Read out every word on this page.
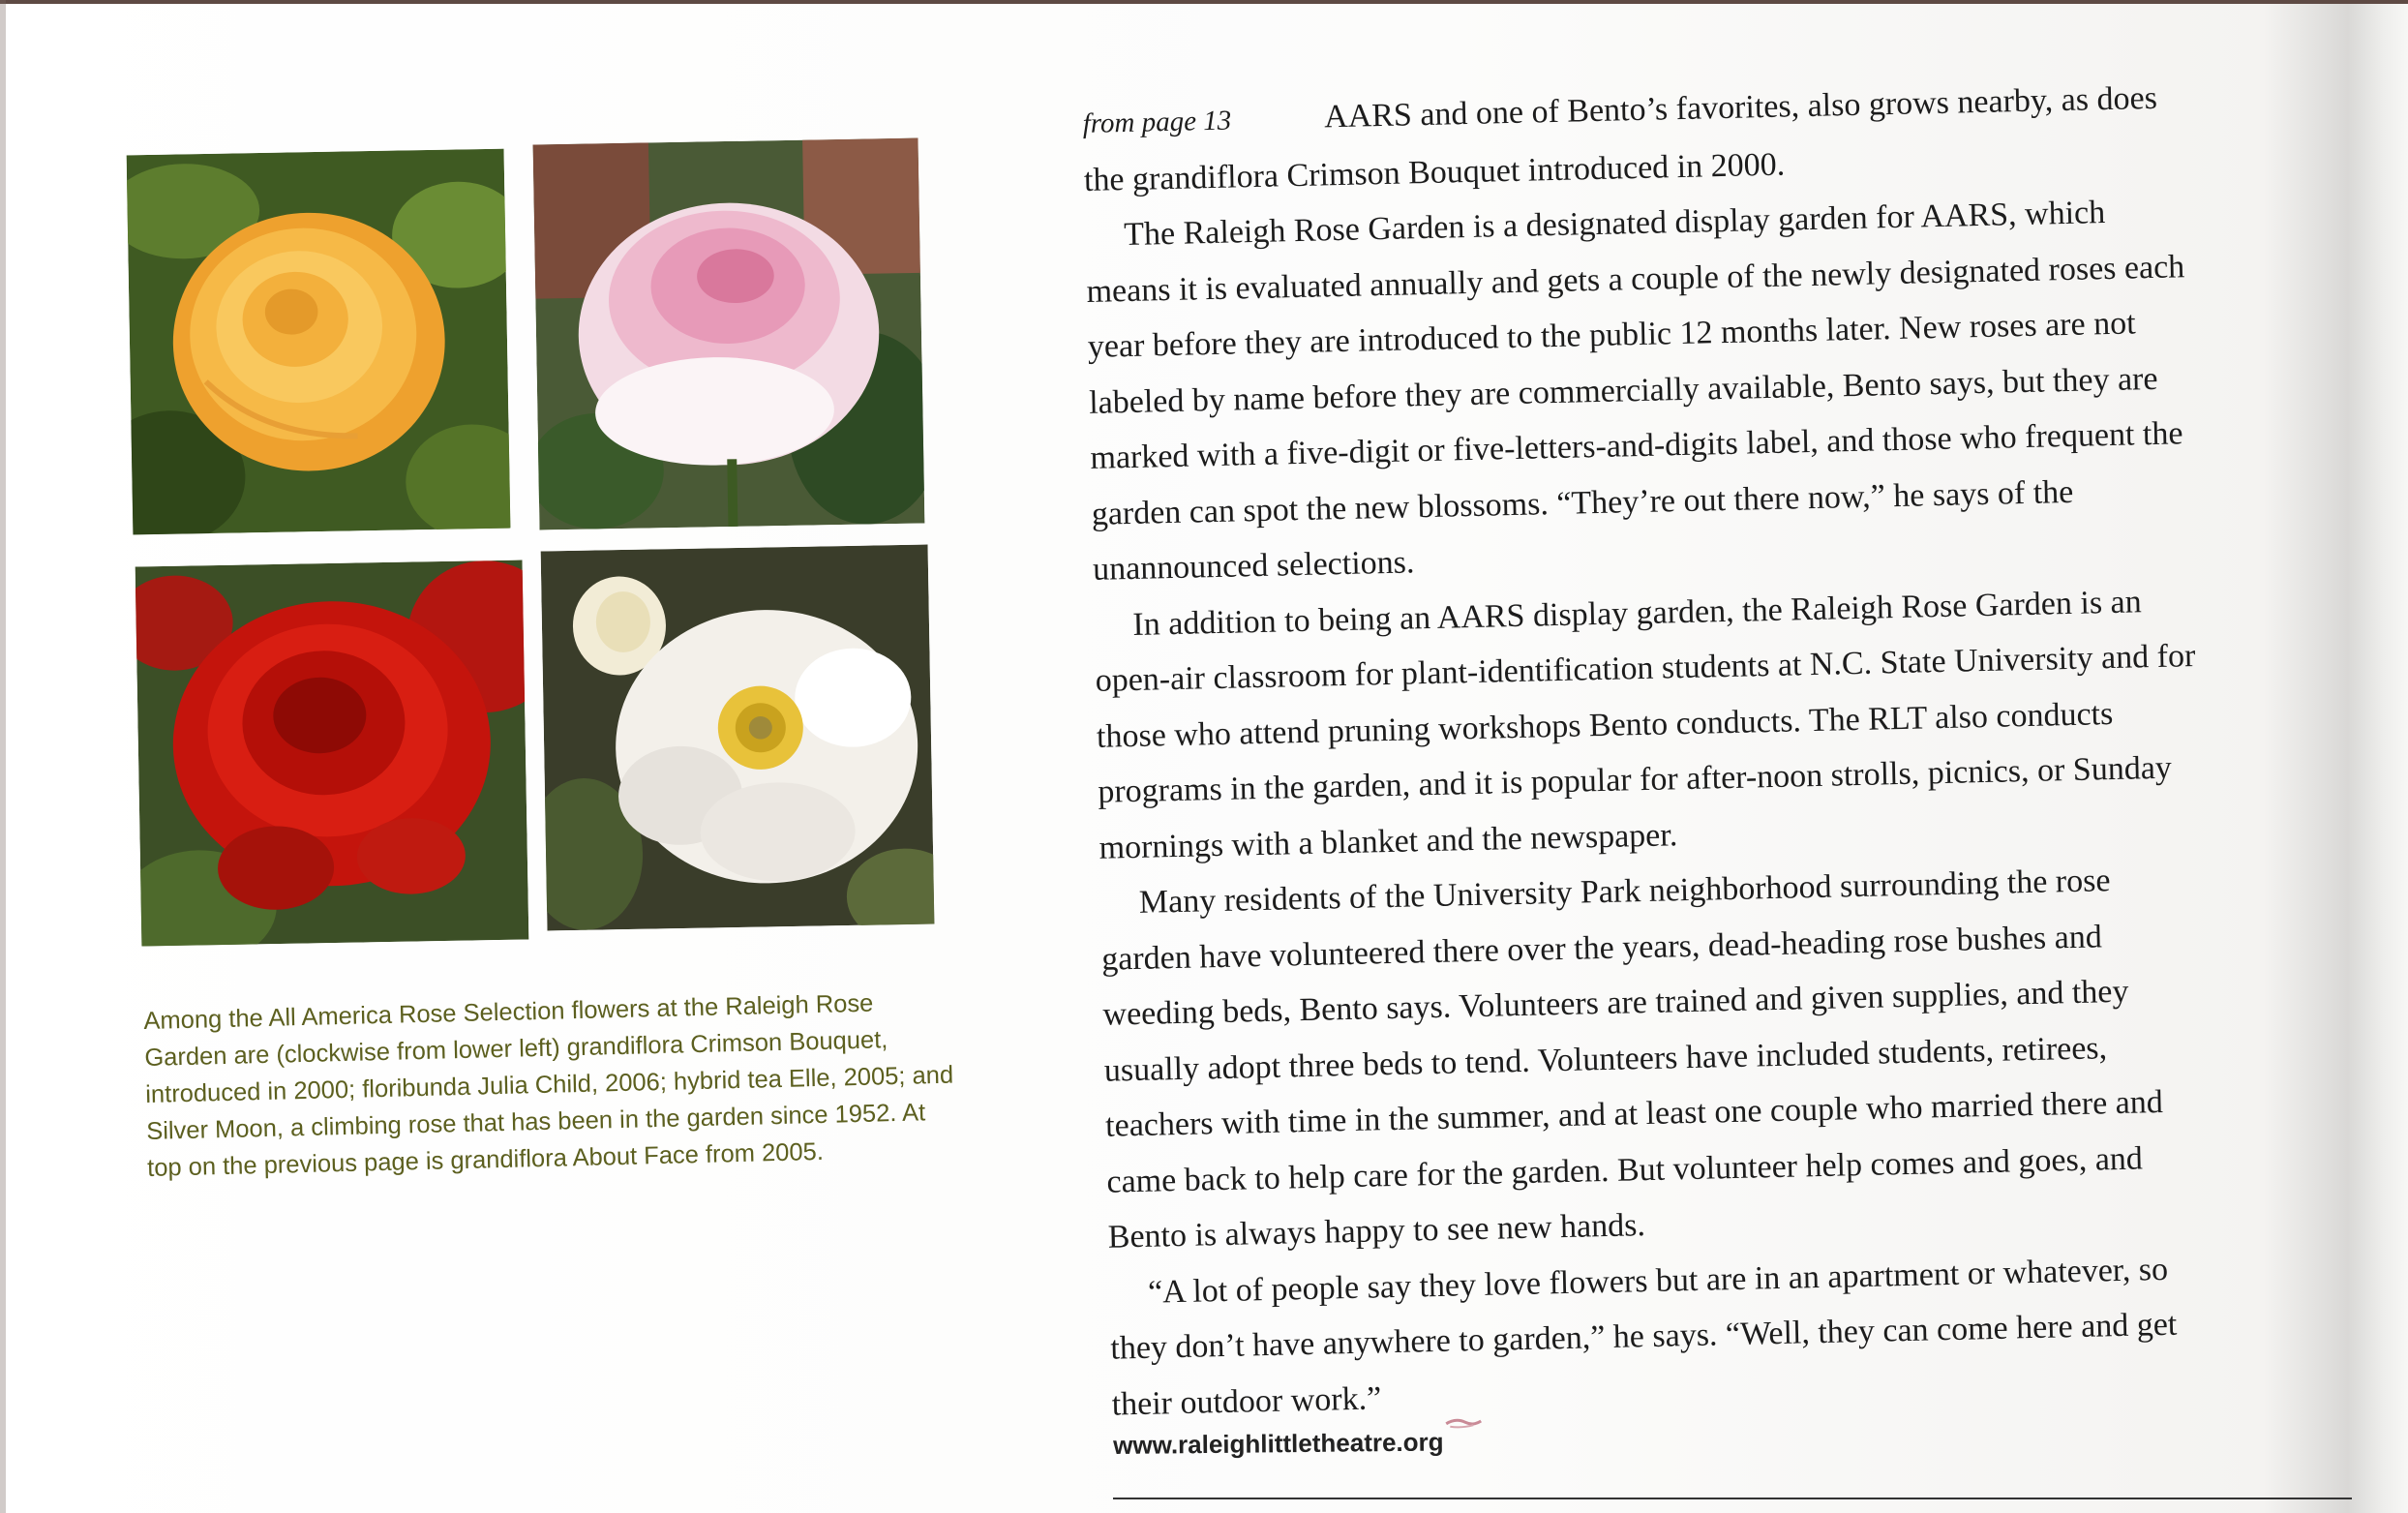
Among the All America Rose Selection flowers at the Raleigh Rose Garden are (clockwise from lower left) grandiflora Crimson Bouquet, introduced in 2000; floribunda Julia Child, 2006; hybrid tea Elle, 2005; and Silver Moon, a climbing rose that has been in the garden since 1952. At top on the previous page is grandiflora About Face from 2005.

from page 13	AARS and one of Bento’s favorites, also grows nearby, as does the grandiflora Crimson Bouquet introduced in 2000.

The Raleigh Rose Garden is a designated display garden for AARS, which means it is evaluated annually and gets a couple of the newly designated roses each year before they are introduced to the public 12 months later. New roses are not labeled by name before they are commercially available, Bento says, but they are marked with a five-digit or five-letters-and-digits label, and those who frequent the garden can spot the new blossoms. “They’re out there now,” he says of the unannounced selections.

In addition to being an AARS display garden, the Raleigh Rose Garden is an open-air classroom for plant-identification students at N.C. State University and for those who attend pruning workshops Bento conducts. The RLT also conducts programs in the garden, and it is popular for after-noon strolls, picnics, or Sunday mornings with a blanket and the newspaper.

Many residents of the University Park neighborhood surrounding the rose garden have volunteered there over the years, dead-heading rose bushes and weeding beds, Bento says. Volunteers are trained and given supplies, and they usually adopt three beds to tend. Volunteers have included students, retirees, teachers with time in the summer, and at least one couple who married there and came back to help care for the garden. But volunteer help comes and goes, and Bento is always happy to see new hands.

“A lot of people say they love flowers but are in an apartment or whatever, so they don’t have anywhere to garden,” he says. “Well, they can come here and get their outdoor work.”

www.raleighlittletheatre.org
